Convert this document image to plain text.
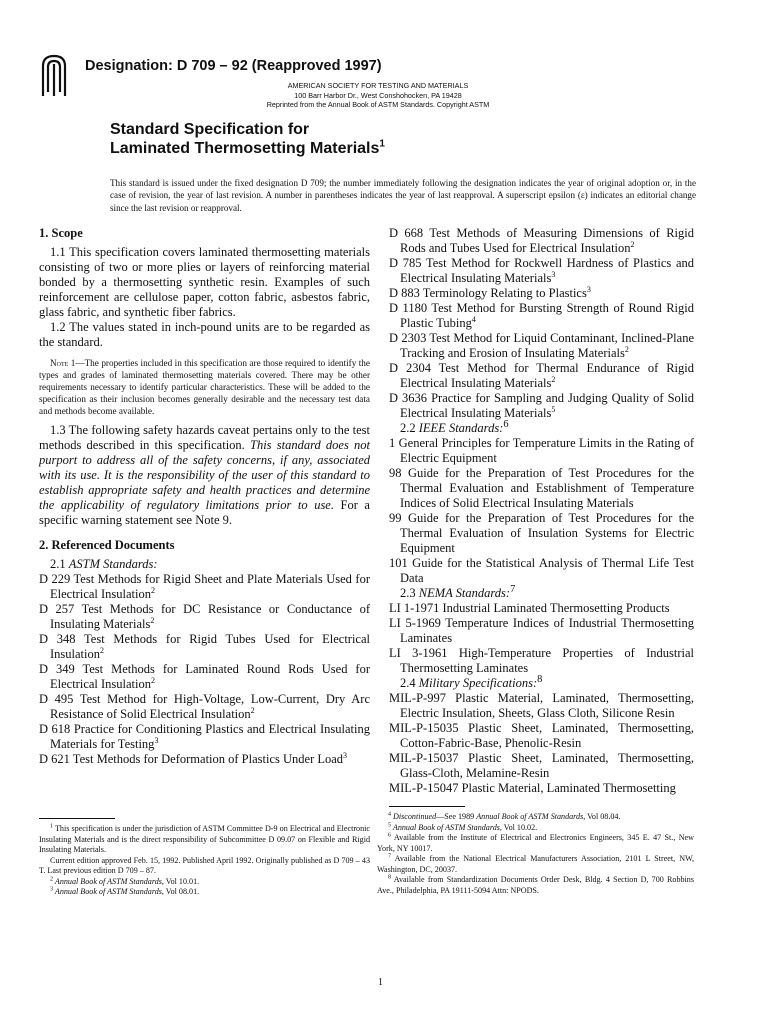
Designation: D 709 – 92 (Reapproved 1997)
AMERICAN SOCIETY FOR TESTING AND MATERIALS
100 Barr Harbor Dr., West Conshohocken, PA 19428
Reprinted from the Annual Book of ASTM Standards. Copyright ASTM
Standard Specification for
Laminated Thermosetting Materials$^1$
This standard is issued under the fixed designation D 709; the number immediately following the designation indicates the year of original adoption or, in the case of revision, the year of last revision. A number in parentheses indicates the year of last reapproval. A superscript epsilon (ε) indicates an editorial change since the last revision or reapproval.
1. Scope

1.1 This specification covers laminated thermosetting materials consisting of two or more plies or layers of reinforcing material bonded by a thermosetting synthetic resin. Examples of such reinforcement are cellulose paper, cotton fabric, asbestos fabric, glass fabric, and synthetic fiber fabrics.

1.2 The values stated in inch-pound units are to be regarded as the standard.

Note 1—The properties included in this specification are those required to identify the types and grades of laminated thermosetting materials covered. There may be other requirements necessary to identify particular characteristics. These will be added to the specification as their inclusion becomes generally desirable and the necessary test data and methods become available.

1.3 The following safety hazards caveat pertains only to the test methods described in this specification. This standard does not purport to address all of the safety concerns, if any, associated with its use. It is the responsibility of the user of this standard to establish appropriate safety and health practices and determine the applicability of regulatory limitations prior to use. For a specific warning statement see Note 9.

2. Referenced Documents

2.1 ASTM Standards:

D 229 Test Methods for Rigid Sheet and Plate Materials Used for Electrical Insulation$^2$

D 257 Test Methods for DC Resistance or Conductance of Insulating Materials$^2$

D 348 Test Methods for Rigid Tubes Used for Electrical Insulation$^2$

D 349 Test Methods for Laminated Round Rods Used for Electrical Insulation$^2$

D 495 Test Method for High-Voltage, Low-Current, Dry Arc Resistance of Solid Electrical Insulation$^2$

D 618 Practice for Conditioning Plastics and Electrical Insulating Materials for Testing$^3$

D 621 Test Methods for Deformation of Plastics Under Load$^3$

D 668 Test Methods of Measuring Dimensions of Rigid Rods and Tubes Used for Electrical Insulation$^2$

D 785 Test Method for Rockwell Hardness of Plastics and Electrical Insulating Materials$^3$

D 883 Terminology Relating to Plastics$^3$

D 1180 Test Method for Bursting Strength of Round Rigid Plastic Tubing$^4$

D 2303 Test Method for Liquid Contaminant, Inclined-Plane Tracking and Erosion of Insulating Materials$^2$

D 2304 Test Method for Thermal Endurance of Rigid Electrical Insulating Materials$^2$

D 3636 Practice for Sampling and Judging Quality of Solid Electrical Insulating Materials$^5$

2.2 IEEE Standards:$^6$

1 General Principles for Temperature Limits in the Rating of Electric Equipment

98 Guide for the Preparation of Test Procedures for the Thermal Evaluation and Establishment of Temperature Indices of Solid Electrical Insulating Materials

99 Guide for the Preparation of Test Procedures for the Thermal Evaluation of Insulation Systems for Electric Equipment

101 Guide for the Statistical Analysis of Thermal Life Test Data

2.3 NEMA Standards:$^7$

LI 1-1971 Industrial Laminated Thermosetting Products

LI 5-1969 Temperature Indices of Industrial Thermosetting Laminates

LI 3-1961 High-Temperature Properties of Industrial Thermosetting Laminates

2.4 Military Specifications:$^8$

MIL-P-997 Plastic Material, Laminated, Thermosetting, Electric Insulation, Sheets, Glass Cloth, Silicone Resin

MIL-P-15035 Plastic Sheet, Laminated, Thermosetting, Cotton-Fabric-Base, Phenolic-Resin

MIL-P-15037 Plastic Sheet, Laminated, Thermosetting, Glass-Cloth, Melamine-Resin

MIL-P-15047 Plastic Material, Laminated Thermosetting

$^1$ This specification is under the jurisdiction of ASTM Committee D-9 on Electrical and Electronic Insulating Materials and is the direct responsibility of Subcommittee D 09.07 on Flexible and Rigid Insulating Materials.

Current edition approved Feb. 15, 1992. Published April 1992. Originally published as D 709 – 43 T. Last previous edition D 709 – 87.

$^2$ Annual Book of ASTM Standards, Vol 10.01.

$^3$ Annual Book of ASTM Standards, Vol 08.01.

$^4$ Discontinued—See 1989 Annual Book of ASTM Standards, Vol 08.04.

$^5$ Annual Book of ASTM Standards, Vol 10.02.

$^6$ Available from the Institute of Electrical and Electronics Engineers, 345 E. 47 St., New York, NY 10017.

$^7$ Available from the National Electrical Manufacturers Association, 2101 L Street, NW, Washington, DC, 20037.

$^8$ Available from Standardization Documents Order Desk, Bldg. 4 Section D, 700 Robbins Ave., Philadelphia, PA 19111-5094 Attn: NPODS.

1
